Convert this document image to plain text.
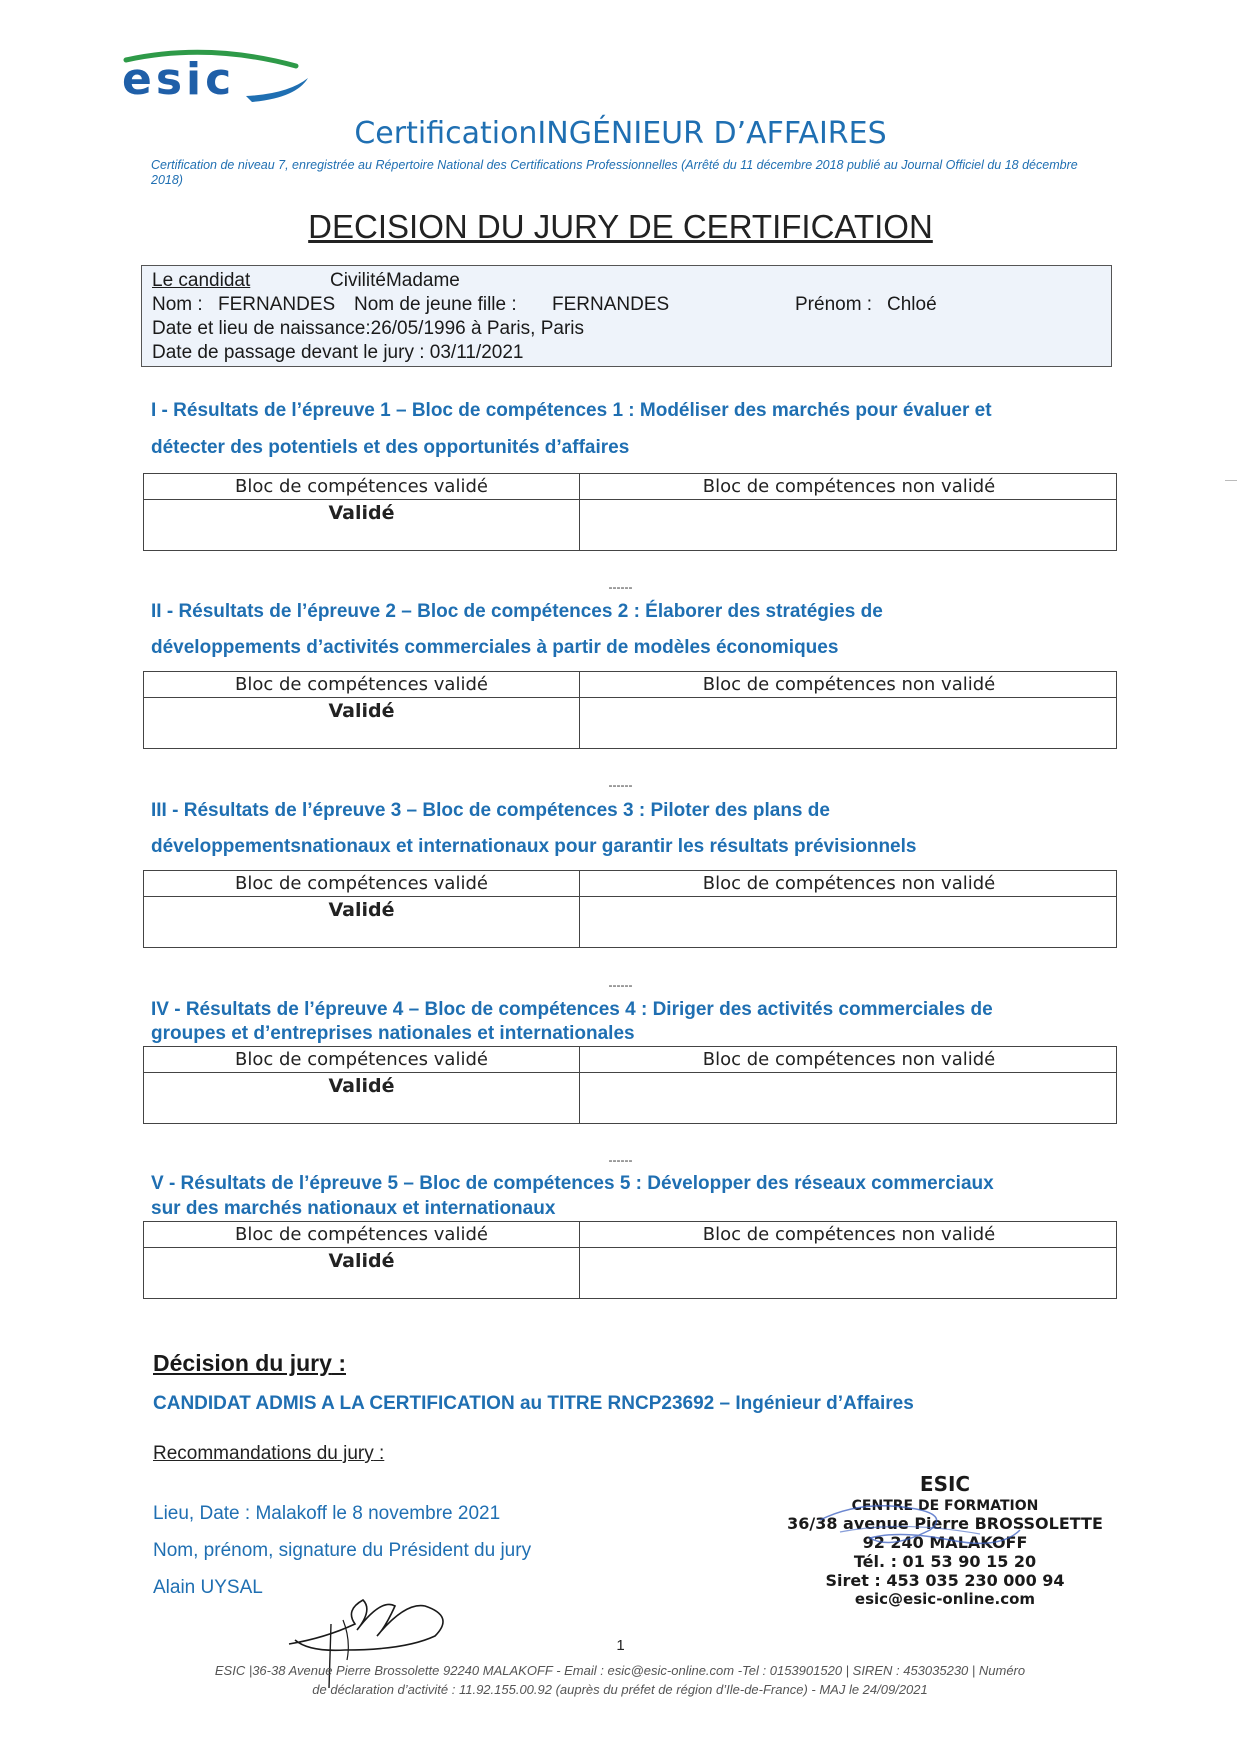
esic
CertificationINGÉNIEUR D’AFFAIRES
Certification de niveau 7, enregistrée au Répertoire National des Certifications Professionnelles (Arrêté du 11 décembre 2018 publié au Journal Officiel du 18 décembre 2018)
DECISION DU JURY DE CERTIFICATION
Le candidat	CivilitéMadame
Nom : FERNANDES Nom de jeune fille : FERNANDES	Prénom : Chloé
Date et lieu de naissance:26/05/1996 à Paris, Paris
Date de passage devant le jury : 03/11/2021
I - Résultats de l’épreuve 1 – Bloc de compétences 1 : Modéliser des marchés pour évaluer et
détecter des potentiels et des opportunités d’affaires
Bloc de compétences validé	Bloc de compétences non validé
Validé
------
II - Résultats de l’épreuve 2 – Bloc de compétences 2 : Élaborer des stratégies de
développements d’activités commerciales à partir de modèles économiques
Bloc de compétences validé	Bloc de compétences non validé
Validé
------
III - Résultats de l’épreuve 3 – Bloc de compétences 3 : Piloter des plans de
développementsnationaux et internationaux pour garantir les résultats prévisionnels
Bloc de compétences validé	Bloc de compétences non validé
Validé
------
IV - Résultats de l’épreuve 4 – Bloc de compétences 4 : Diriger des activités commerciales de
groupes et d’entreprises nationales et internationales
Bloc de compétences validé	Bloc de compétences non validé
Validé
------
V - Résultats de l’épreuve 5 – Bloc de compétences 5 : Développer des réseaux commerciaux
sur des marchés nationaux et internationaux
Bloc de compétences validé	Bloc de compétences non validé
Validé
Décision du jury :
CANDIDAT ADMIS A LA CERTIFICATION au TITRE RNCP23692 – Ingénieur d’Affaires
Recommandations du jury :
Lieu, Date : Malakoff le 8 novembre 2021
Nom, prénom, signature du Président du jury
Alain UYSAL
ESIC
CENTRE DE FORMATION
36/38 avenue Pierre BROSSOLETTE
92 240 MALAKOFF
Tél. : 01 53 90 15 20
Siret : 453 035 230 000 94
esic@esic-online.com
1
ESIC |36-38 Avenue Pierre Brossolette 92240 MALAKOFF - Email : esic@esic-online.com -Tel : 0153901520 | SIREN : 453035230 | Numéro
de déclaration d’activité : 11.92.155.00.92 (auprès du préfet de région d’Ile-de-France) - MAJ le 24/09/2021
